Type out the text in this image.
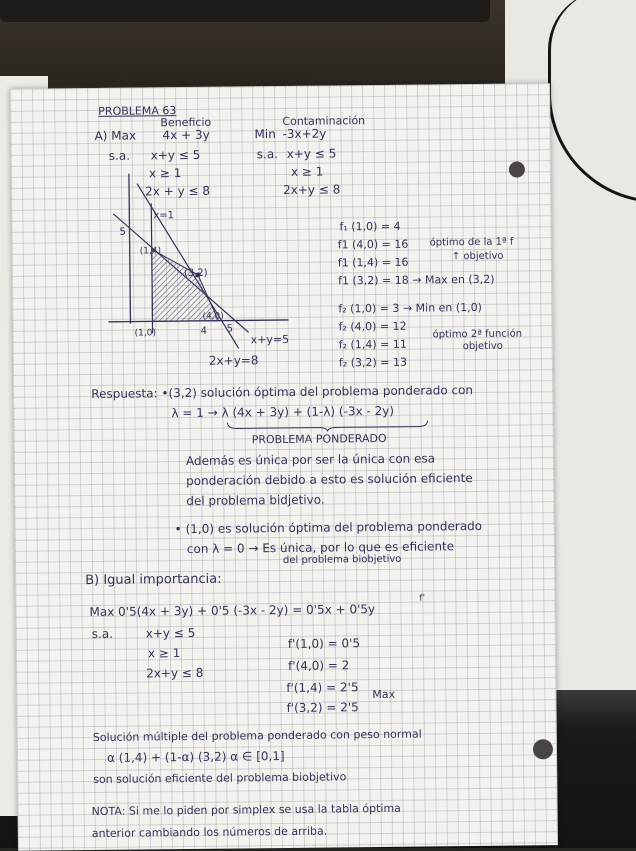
PROBLEMA 63
Beneficio	Contaminación
A) Max 4x + 3y
s.a. x+y ≤ 5
x ≥ 1
2x + y ≤ 8
Min -3x+2y
s.a. x+y ≤ 5
x ≥ 1
2x+y ≤ 8
x=1
5
(1,4)
(3,2)
(4,0)
(1,0)	4 5
x+y=5
2x+y=8
f₁ (1,0) = 4
f1 (4,0) = 16
f1 (1,4) = 16
f1 (3,2) = 18 → Max en (3,2)
óptimo de la 1ª f
↑ objetivo
f₂ (1,0) = 3 → Min en (1,0)
f₂ (4,0) = 12
f₂ (1,4) = 11
f₂ (3,2) = 13
óptimo 2ª función
objetivo
Respuesta: •(3,2) solución óptima del problema ponderado con
λ = 1 → λ (4x + 3y) + (1-λ) (-3x - 2y)
PROBLEMA PONDERADO
Además es única por ser la única con esa
ponderación debido a esto es solución eficiente
del problema bidjetivo.
• (1,0) es solución óptima del problema ponderado
con λ = 0 → Es única, por lo que es eficiente
del problema biobjetivo
B) Igual importancia:
Max 0'5(4x + 3y) + 0'5 (-3x - 2y) = 0'5x + 0'5y
f'
s.a.	x+y ≤ 5
x ≥ 1
2x+y ≤ 8
f'(1,0) = 0'5
f'(4,0) = 2
f'(1,4) = 2'5
f'(3,2) = 2'5
Max
Solución múltiple del problema ponderado con peso normal
α (1,4) + (1-α) (3,2) α ∈ [0,1]
son solución eficiente del problema biobjetivo
NOTA: Si me lo piden por simplex se usa la tabla óptima
anterior cambiando los números de arriba.
